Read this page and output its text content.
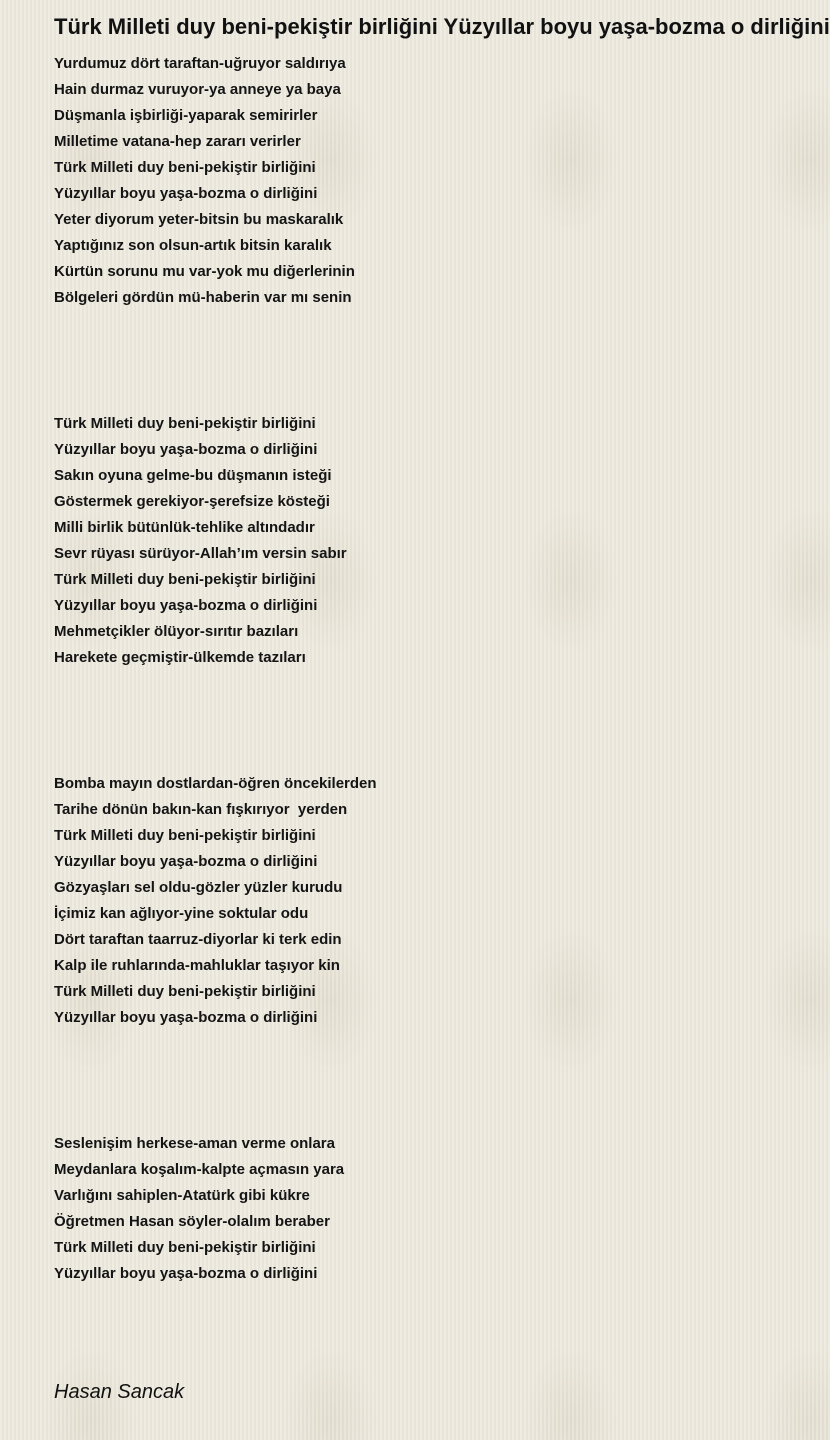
Türk Milleti duy beni-pekiştir birliğini Yüzyıllar boyu yaşa-bozma o dirliğini
Yurdumuz dört taraftan-uğruyor saldırıya
Hain durmaz vuruyor-ya anneye ya baya
Düşmanla işbirliği-yaparak semirirler
Milletime vatana-hep zararı verirler
Türk Milleti duy beni-pekiştir birliğini
Yüzyıllar boyu yaşa-bozma o dirliğini
Yeter diyorum yeter-bitsin bu maskaralık
Yaptığınız son olsun-artık bitsin karalık
Kürtün sorunu mu var-yok mu diğerlerinin
Bölgeleri gördün mü-haberin var mı senin
Türk Milleti duy beni-pekiştir birliğini
Yüzyıllar boyu yaşa-bozma o dirliğini
Sakın oyuna gelme-bu düşmanın isteği
Göstermek gerekiyor-şerefsize kösteği
Milli birlik bütünlük-tehlike altındadır
Sevr rüyası sürüyor-Allah’ım versin sabır
Türk Milleti duy beni-pekiştir birliğini
Yüzyıllar boyu yaşa-bozma o dirliğini
Mehmetçikler ölüyor-sırıtır bazıları
Harekete geçmiştir-ülkemde tazıları
Bomba mayın dostlardan-öğren öncekilerden
Tarihe dönün bakın-kan fışkırıyor  yerden
Türk Milleti duy beni-pekiştir birliğini
Yüzyıllar boyu yaşa-bozma o dirliğini
Gözyaşları sel oldu-gözler yüzler kurudu
İçimiz kan ağlıyor-yine soktular odu
Dört taraftan taarruz-diyorlar ki terk edin
Kalp ile ruhlarında-mahluklar taşıyor kin
Türk Milleti duy beni-pekiştir birliğini
Yüzyıllar boyu yaşa-bozma o dirliğini
Seslenişim herkese-aman verme onlara
Meydanlara koşalım-kalpte açmasın yara
Varlığını sahiplen-Atatürk gibi kükre
Öğretmen Hasan söyler-olalım beraber
Türk Milleti duy beni-pekiştir birliğini
Yüzyıllar boyu yaşa-bozma o dirliğini
Hasan Sancak
